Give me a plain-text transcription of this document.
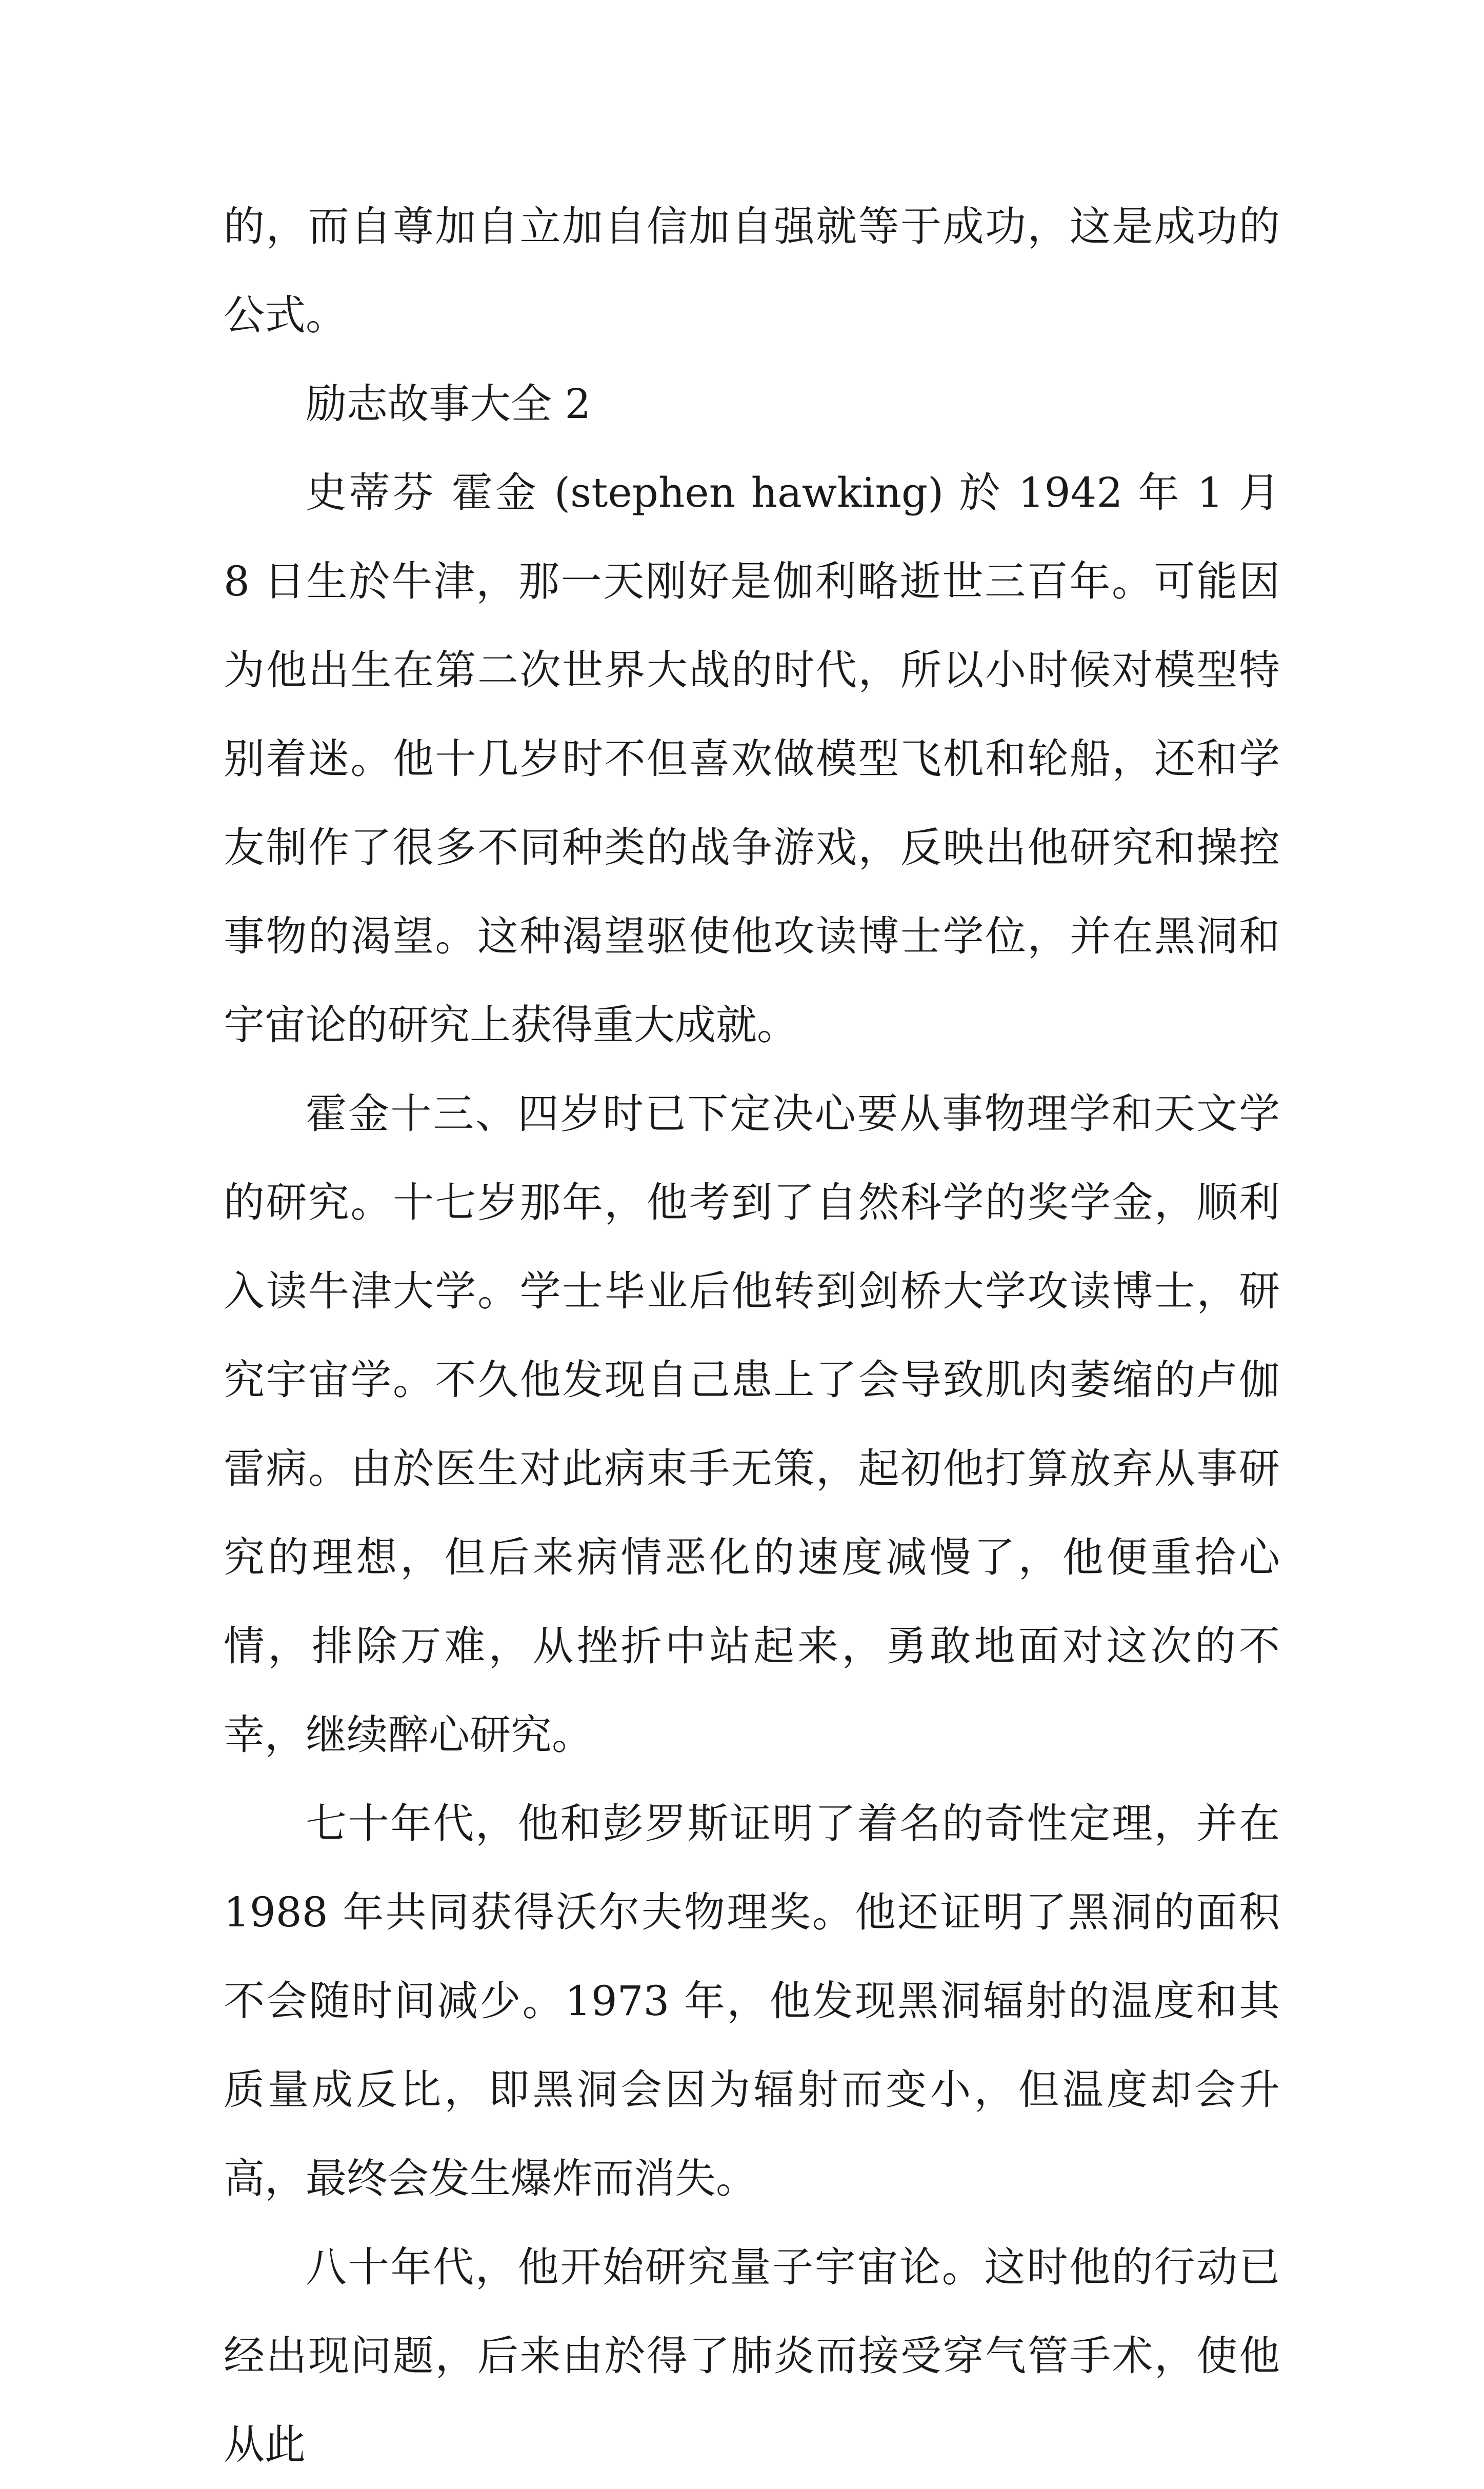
的，而自尊加自立加自信加自强就等于成功，这是成功的公式。

励志故事大全 2

史蒂芬 霍金 (stephen hawking) 於 1942 年 1 月 8 日生於牛津，那一天刚好是伽利略逝世三百年。可能因为他出生在第二次世界大战的时代，所以小时候对模型特别着迷。他十几岁时不但喜欢做模型飞机和轮船，还和学友制作了很多不同种类的战争游戏，反映出他研究和操控事物的渴望。这种渴望驱使他攻读博士学位，并在黑洞和宇宙论的研究上获得重大成就。

霍金十三、四岁时已下定决心要从事物理学和天文学的研究。十七岁那年，他考到了自然科学的奖学金，顺利入读牛津大学。学士毕业后他转到剑桥大学攻读博士，研究宇宙学。不久他发现自己患上了会导致肌肉萎缩的卢伽雷病。由於医生对此病束手无策，起初他打算放弃从事研究的理想，但后来病情恶化的速度减慢了，他便重拾心情，排除万难，从挫折中站起来，勇敢地面对这次的不幸，继续醉心研究。

七十年代，他和彭罗斯证明了着名的奇性定理，并在 1988 年共同获得沃尔夫物理奖。他还证明了黑洞的面积不会随时间减少。1973 年，他发现黑洞辐射的温度和其质量成反比，即黑洞会因为辐射而变小，但温度却会升高，最终会发生爆炸而消失。

八十年代，他开始研究量子宇宙论。这时他的行动已经出现问题，后来由於得了肺炎而接受穿气管手术，使他从此
